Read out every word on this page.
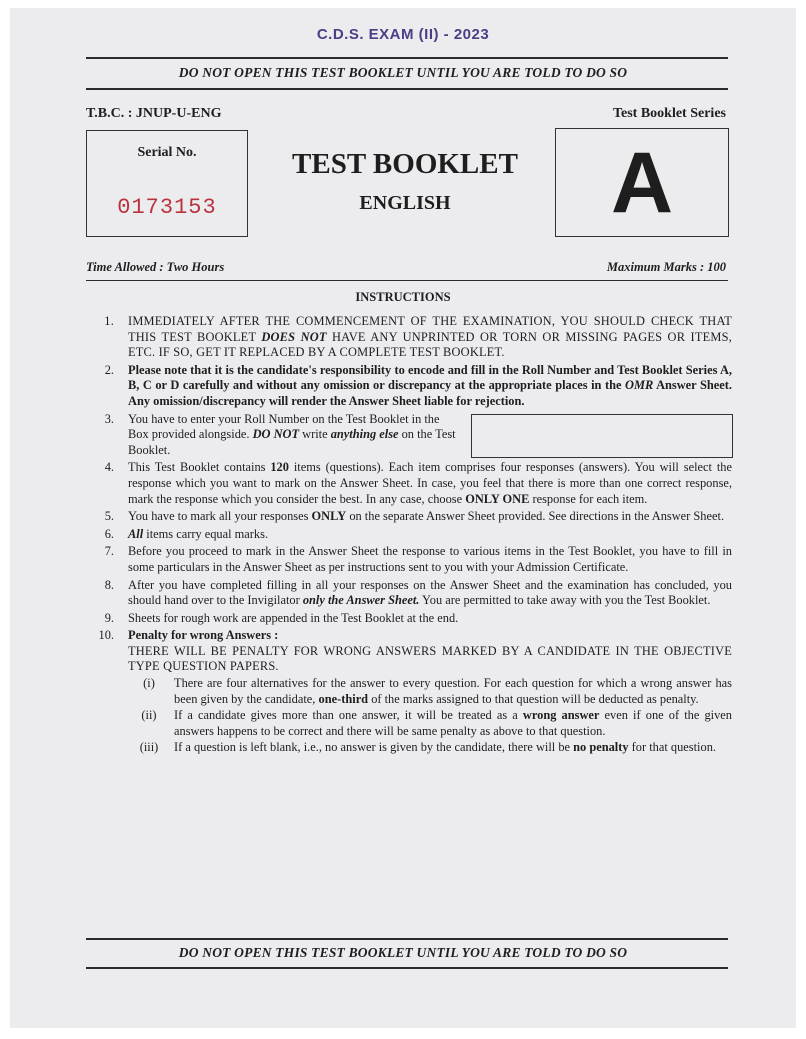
C.D.S. EXAM (II) - 2023
DO NOT OPEN THIS TEST BOOKLET UNTIL YOU ARE TOLD TO DO SO
T.B.C. : JNUP-U-ENG	Test Booklet Series
Serial No.
0173153
TEST BOOKLET
ENGLISH	A
Time Allowed : Two Hours	Maximum Marks : 100
INSTRUCTIONS
1. IMMEDIATELY AFTER THE COMMENCEMENT OF THE EXAMINATION, YOU SHOULD CHECK THAT THIS TEST BOOKLET DOES NOT HAVE ANY UNPRINTED OR TORN OR MISSING PAGES OR ITEMS, ETC. IF SO, GET IT REPLACED BY A COMPLETE TEST BOOKLET.
2. Please note that it is the candidate's responsibility to encode and fill in the Roll Number and Test Booklet Series A, B, C or D carefully and without any omission or discrepancy at the appropriate places in the OMR Answer Sheet. Any omission/discrepancy will render the Answer Sheet liable for rejection.
3. You have to enter your Roll Number on the Test Booklet in the Box provided alongside. DO NOT write anything else on the Test Booklet.
4. This Test Booklet contains 120 items (questions). Each item comprises four responses (answers). You will select the response which you want to mark on the Answer Sheet. In case, you feel that there is more than one correct response, mark the response which you consider the best. In any case, choose ONLY ONE response for each item.
5. You have to mark all your responses ONLY on the separate Answer Sheet provided. See directions in the Answer Sheet.
6. All items carry equal marks.
7. Before you proceed to mark in the Answer Sheet the response to various items in the Test Booklet, you have to fill in some particulars in the Answer Sheet as per instructions sent to you with your Admission Certificate.
8. After you have completed filling in all your responses on the Answer Sheet and the examination has concluded, you should hand over to the Invigilator only the Answer Sheet. You are permitted to take away with you the Test Booklet.
9. Sheets for rough work are appended in the Test Booklet at the end.
10. Penalty for wrong Answers :
THERE WILL BE PENALTY FOR WRONG ANSWERS MARKED BY A CANDIDATE IN THE OBJECTIVE TYPE QUESTION PAPERS.
(i)	There are four alternatives for the answer to every question. For each question for which a wrong answer has been given by the candidate, one-third of the marks assigned to that question will be deducted as penalty.
(ii)	If a candidate gives more than one answer, it will be treated as a wrong answer even if one of the given answers happens to be correct and there will be same penalty as above to that question.
(iii)	If a question is left blank, i.e., no answer is given by the candidate, there will be no penalty for that question.
DO NOT OPEN THIS TEST BOOKLET UNTIL YOU ARE TOLD TO DO SO
